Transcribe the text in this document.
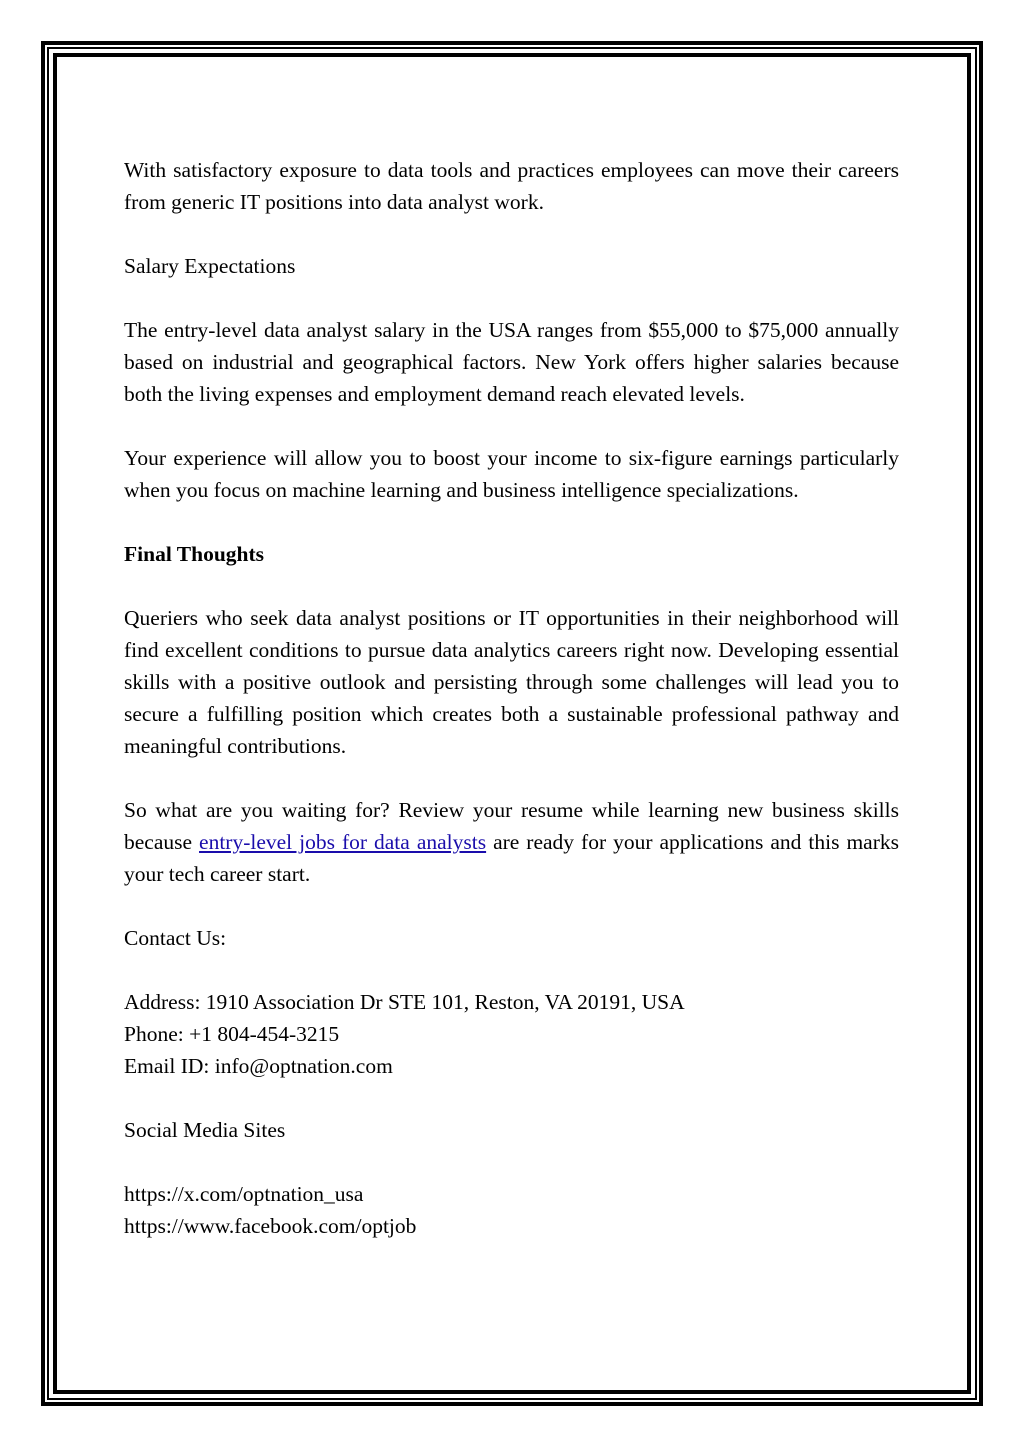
With satisfactory exposure to data tools and practices employees can move their careers from generic IT positions into data analyst work.

Salary Expectations

The entry-level data analyst salary in the USA ranges from $55,000 to $75,000 annually based on industrial and geographical factors. New York offers higher salaries because both the living expenses and employment demand reach elevated levels.

Your experience will allow you to boost your income to six-figure earnings particularly when you focus on machine learning and business intelligence specializations.

Final Thoughts

Queriers who seek data analyst positions or IT opportunities in their neighborhood will find excellent conditions to pursue data analytics careers right now. Developing essential skills with a positive outlook and persisting through some challenges will lead you to secure a fulfilling position which creates both a sustainable professional pathway and meaningful contributions.

So what are you waiting for? Review your resume while learning new business skills because entry-level jobs for data analysts are ready for your applications and this marks your tech career start.

Contact Us:

Address: 1910 Association Dr STE 101, Reston, VA 20191, USA
Phone: +1 804-454-3215
Email ID: info@optnation.com

Social Media Sites

https://x.com/optnation_usa
https://www.facebook.com/optjob
